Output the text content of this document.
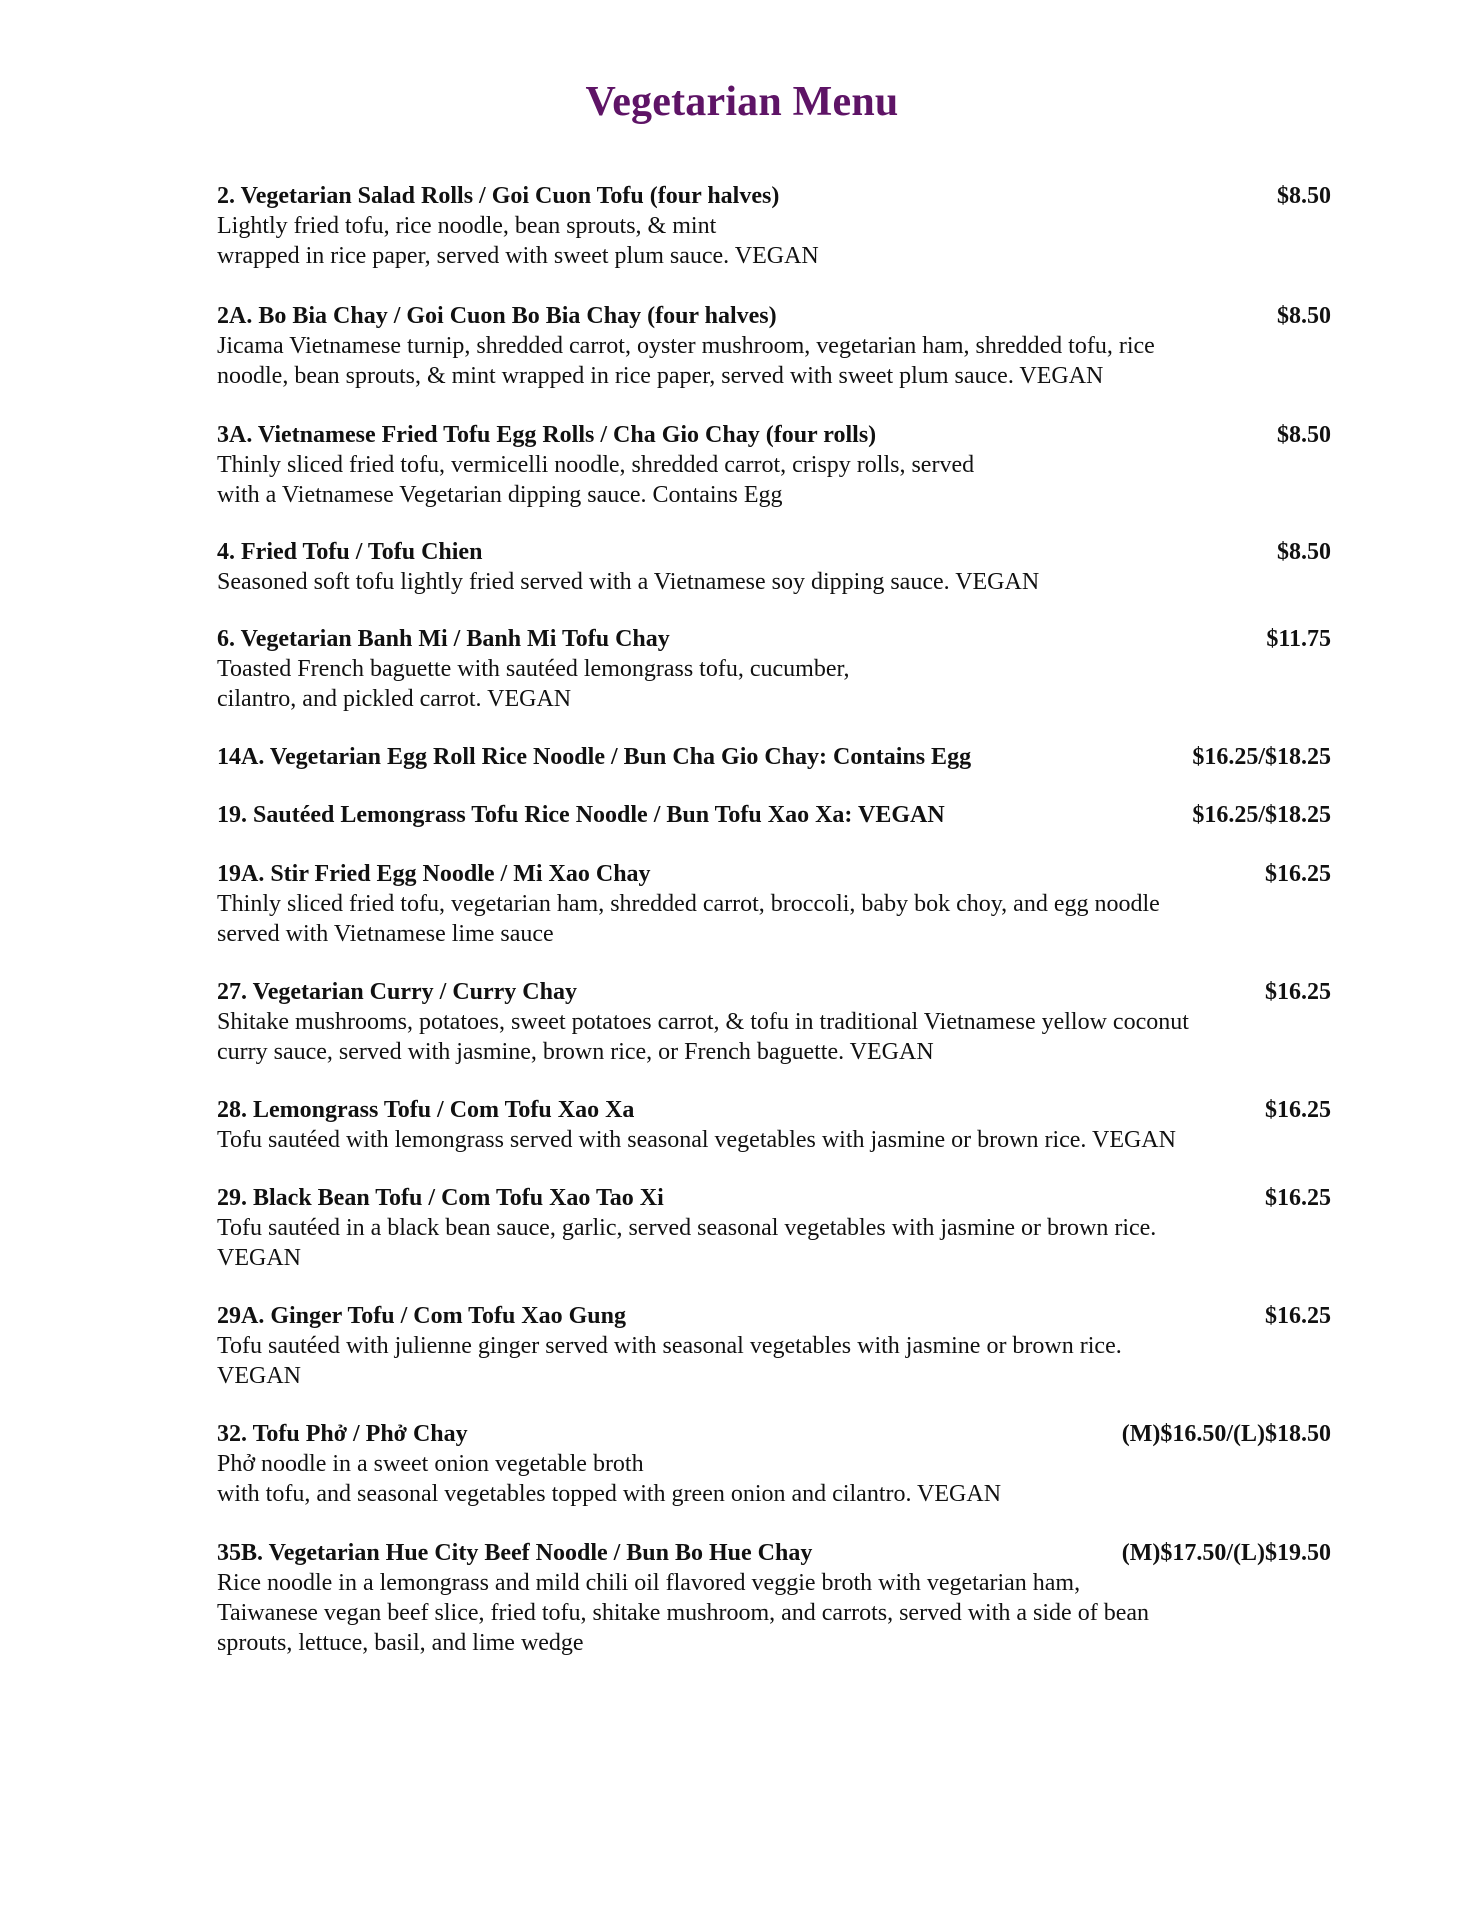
Vegetarian Menu
2. Vegetarian Salad Rolls / Goi Cuon Tofu (four halves)	$8.50
Lightly fried tofu, rice noodle, bean sprouts, & mint
wrapped in rice paper, served with sweet plum sauce. VEGAN
2A. Bo Bia Chay / Goi Cuon Bo Bia Chay (four halves)	$8.50
Jicama Vietnamese turnip, shredded carrot, oyster mushroom, vegetarian ham, shredded tofu, rice
noodle, bean sprouts, & mint wrapped in rice paper, served with sweet plum sauce. VEGAN
3A. Vietnamese Fried Tofu Egg Rolls / Cha Gio Chay (four rolls)	$8.50
Thinly sliced fried tofu, vermicelli noodle, shredded carrot, crispy rolls, served
with a Vietnamese Vegetarian dipping sauce. Contains Egg
4. Fried Tofu / Tofu Chien	$8.50
Seasoned soft tofu lightly fried served with a Vietnamese soy dipping sauce. VEGAN
6. Vegetarian Banh Mi / Banh Mi Tofu Chay	$11.75
Toasted French baguette with sautéed lemongrass tofu, cucumber,
cilantro, and pickled carrot. VEGAN
14A. Vegetarian Egg Roll Rice Noodle / Bun Cha Gio Chay: Contains Egg	$16.25/$18.25
19. Sautéed Lemongrass Tofu Rice Noodle / Bun Tofu Xao Xa: VEGAN	$16.25/$18.25
19A. Stir Fried Egg Noodle / Mi Xao Chay	$16.25
Thinly sliced fried tofu, vegetarian ham, shredded carrot, broccoli, baby bok choy, and egg noodle
served with Vietnamese lime sauce
27. Vegetarian Curry / Curry Chay	$16.25
Shitake mushrooms, potatoes, sweet potatoes carrot, & tofu in traditional Vietnamese yellow coconut
curry sauce, served with jasmine, brown rice, or French baguette. VEGAN
28. Lemongrass Tofu / Com Tofu Xao Xa	$16.25
Tofu sautéed with lemongrass served with seasonal vegetables with jasmine or brown rice. VEGAN
29. Black Bean Tofu / Com Tofu Xao Tao Xi	$16.25
Tofu sautéed in a black bean sauce, garlic, served seasonal vegetables with jasmine or brown rice.
VEGAN
29A. Ginger Tofu / Com Tofu Xao Gung	$16.25
Tofu sautéed with julienne ginger served with seasonal vegetables with jasmine or brown rice.
VEGAN
32. Tofu Phở / Phở Chay	(M)$16.50/(L)$18.50
Phở noodle in a sweet onion vegetable broth
with tofu, and seasonal vegetables topped with green onion and cilantro. VEGAN
35B. Vegetarian Hue City Beef Noodle / Bun Bo Hue Chay	(M)$17.50/(L)$19.50
Rice noodle in a lemongrass and mild chili oil flavored veggie broth with vegetarian ham,
Taiwanese vegan beef slice, fried tofu, shitake mushroom, and carrots, served with a side of bean
sprouts, lettuce, basil, and lime wedge
